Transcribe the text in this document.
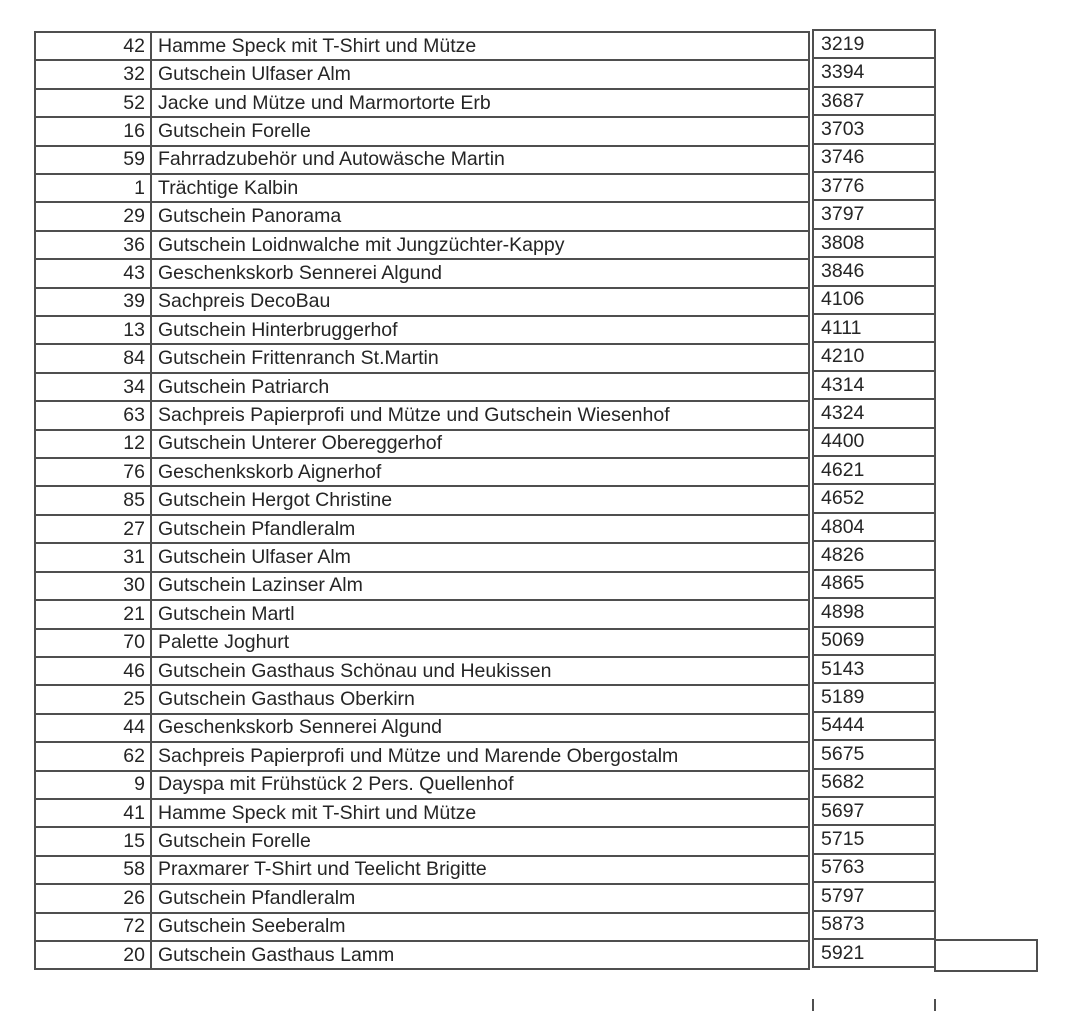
42 Hamme Speck mit T-Shirt und Mütze
32 Gutschein Ulfaser Alm
52 Jacke und Mütze und Marmortorte Erb
16 Gutschein Forelle
59 Fahrradzubehör und Autowäsche Martin
1 Trächtige Kalbin
29 Gutschein Panorama
36 Gutschein Loidnwalche mit Jungzüchter-Kappy
43 Geschenkskorb Sennerei Algund
39 Sachpreis DecoBau
13 Gutschein Hinterbruggerhof
84 Gutschein Frittenranch St.Martin
34 Gutschein Patriarch
63 Sachpreis Papierprofi und Mütze und Gutschein Wiesenhof
12 Gutschein Unterer Obereggerhof
76 Geschenkskorb Aignerhof
85 Gutschein Hergot Christine
27 Gutschein Pfandleralm
31 Gutschein Ulfaser Alm
30 Gutschein Lazinser Alm
21 Gutschein Martl
70 Palette Joghurt
46 Gutschein Gasthaus Schönau und Heukissen
25 Gutschein Gasthaus Oberkirn
44 Geschenkskorb Sennerei Algund
62 Sachpreis Papierprofi und Mütze und Marende Obergostalm
9 Dayspa mit Frühstück 2 Pers. Quellenhof
41 Hamme Speck mit T-Shirt und Mütze
15 Gutschein Forelle
58 Praxmarer T-Shirt und Teelicht Brigitte
26 Gutschein Pfandleralm
72 Gutschein Seeberalm
20 Gutschein Gasthaus Lamm
3219
3394
3687
3703
3746
3776
3797
3808
3846
4106
4111
4210
4314
4324
4400
4621
4652
4804
4826
4865
4898
5069
5143
5189
5444
5675
5682
5697
5715
5763
5797
5873
5921
